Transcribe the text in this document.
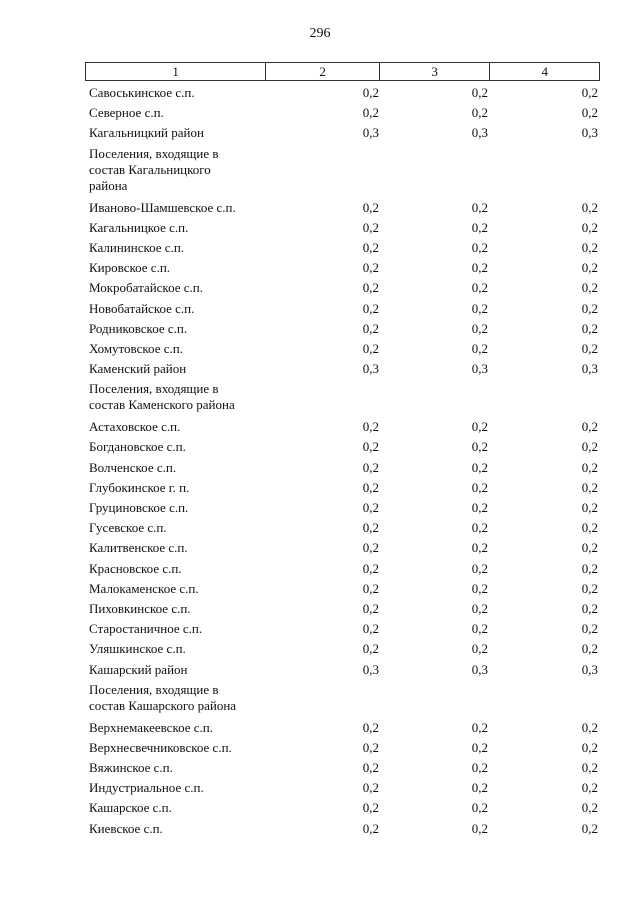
296
1	2	3	4
Савоськинское с.п.	0,2	0,2	0,2
Северное с.п.	0,2	0,2	0,2
Кагальницкий район	0,3	0,3	0,3
Поселения, входящие в
состав Кагальницкого
района
Иваново-Шамшевское с.п.	0,2	0,2	0,2
Кагальницкое с.п.	0,2	0,2	0,2
Калининское с.п.	0,2	0,2	0,2
Кировское с.п.	0,2	0,2	0,2
Мокробатайское с.п.	0,2	0,2	0,2
Новобатайское с.п.	0,2	0,2	0,2
Родниковское с.п.	0,2	0,2	0,2
Хомутовское с.п.	0,2	0,2	0,2
Каменский район	0,3	0,3	0,3
Поселения, входящие в
состав Каменского района
Астаховское с.п.	0,2	0,2	0,2
Богдановское с.п.	0,2	0,2	0,2
Волченское с.п.	0,2	0,2	0,2
Глубокинское г. п.	0,2	0,2	0,2
Груциновское с.п.	0,2	0,2	0,2
Гусевское с.п.	0,2	0,2	0,2
Калитвенское с.п.	0,2	0,2	0,2
Красновское с.п.	0,2	0,2	0,2
Малокаменское с.п.	0,2	0,2	0,2
Пиховкинское с.п.	0,2	0,2	0,2
Старостаничное с.п.	0,2	0,2	0,2
Уляшкинское с.п.	0,2	0,2	0,2
Кашарский район	0,3	0,3	0,3
Поселения, входящие в
состав Кашарского района
Верхнемакеевское с.п.	0,2	0,2	0,2
Верхнесвечниковское с.п.	0,2	0,2	0,2
Вяжинское с.п.	0,2	0,2	0,2
Индустриальное с.п.	0,2	0,2	0,2
Кашарское с.п.	0,2	0,2	0,2
Киевское с.п.	0,2	0,2	0,2
